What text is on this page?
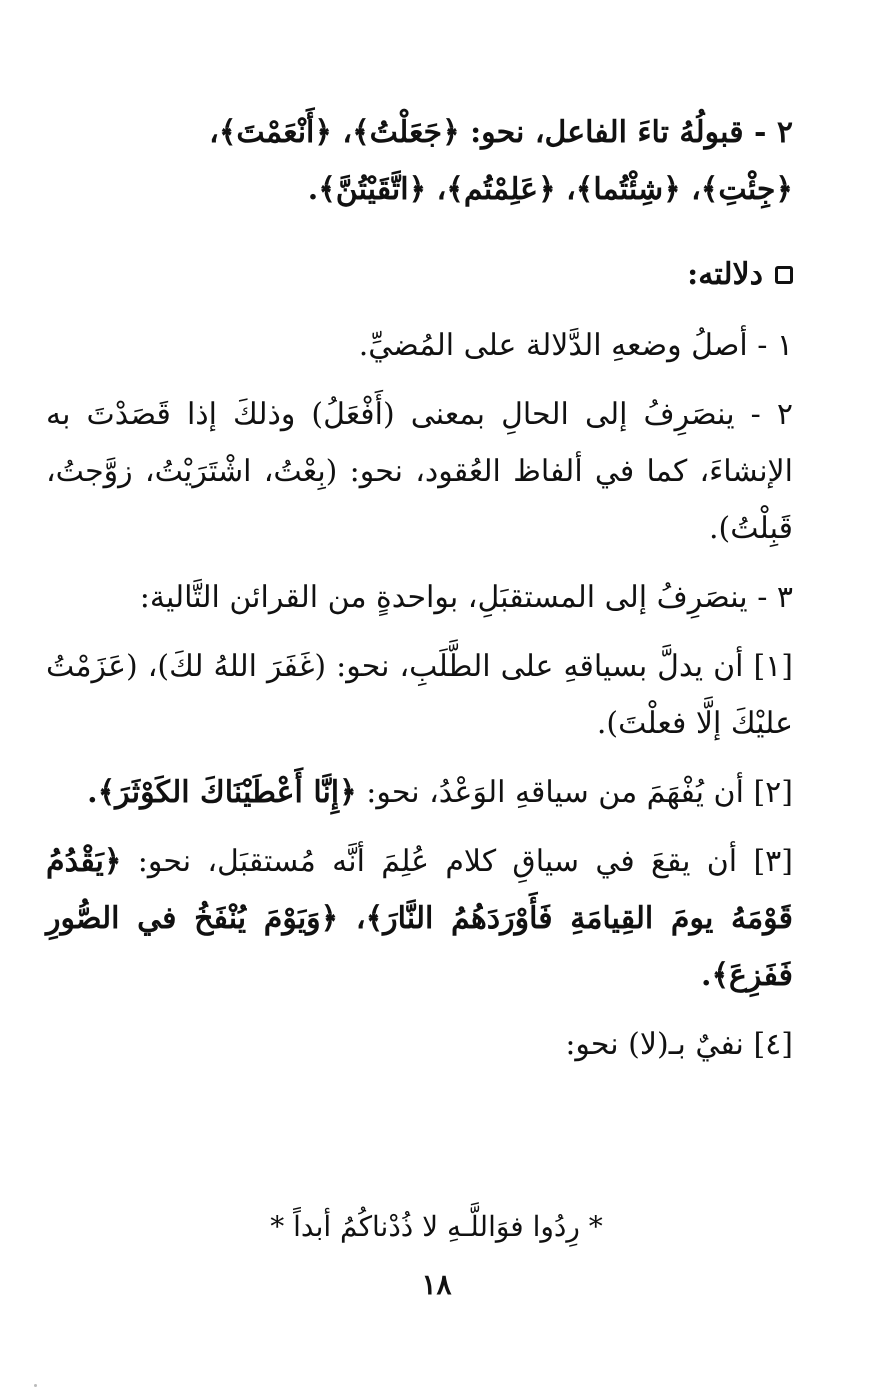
٢ - قبولُهُ تاءَ الفاعل، نحو: ﴿جَعَلْتُ﴾، ﴿أَنْعَمْتَ﴾،
﴿جِئْتِ﴾، ﴿شِئْتُما﴾، ﴿عَلِمْتُم﴾، ﴿اتَّقَيْتُنَّ﴾.

دلالته:

١ - أصلُ وضعهِ الدَّلالة على المُضيِّ.

٢ - ينصَرِفُ إلى الحالِ بمعنى (أَفْعَلُ) وذلكَ إذا قَصَدْتَ به الإنشاءَ، كما في ألفاظ العُقود، نحو: (بِعْتُ، اشْتَرَيْتُ، زوَّجتُ، قَبِلْتُ).

٣ - ينصَرِفُ إلى المستقبَلِ، بواحدةٍ من القرائن التَّالية:

[١] أن يدلَّ بسياقهِ على الطَّلَبِ، نحو: (غَفَرَ اللهُ لكَ)، (عَزَمْتُ عليْكَ إلَّا فعلْتَ).

[٢] أن يُفْهَمَ من سياقهِ الوَعْدُ، نحو: ﴿إِنَّا أَعْطَيْنَاكَ الكَوْثَرَ﴾.

[٣] أن يقعَ في سياقِ كلام عُلِمَ أنَّه مُستقبَل، نحو: ﴿يَقْدُمُ قَوْمَهُ يومَ القِيامَةِ فَأَوْرَدَهُمُ النَّارَ﴾، ﴿وَيَوْمَ يُنْفَخُ في الصُّورِ فَفَزِعَ﴾.

[٤] نفيٌ بـ(لا) نحو:

* رِدُوا فوَاللَّـهِ لا ذُدْناكُمُ أبداً *
١٨
